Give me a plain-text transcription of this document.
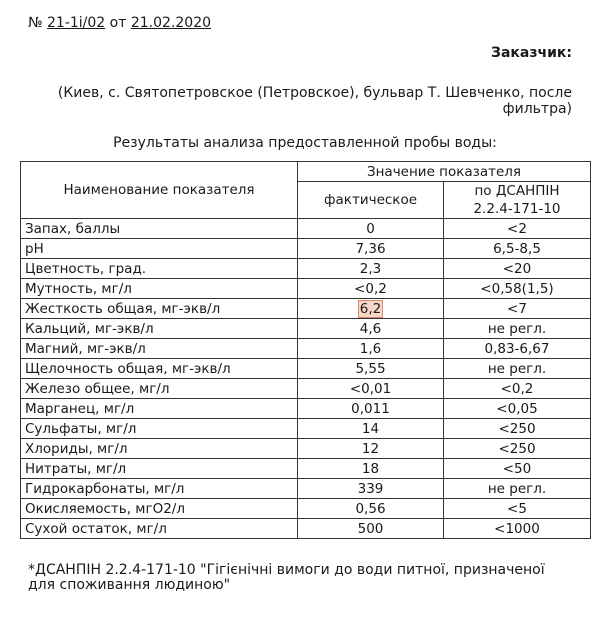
№ 21-1i/02 от 21.02.2020
Заказчик:
(Киев, с. Святопетровское (Петровское), бульвар Т. Шевченко, после
фильтра)
Результаты анализа предоставленной пробы воды:
Наименование показателя	Значение показателя	
	фактическое	по ДСАНПІН
2.2.4-171-10

Запах, баллы	0	<2
pH	7,36	6,5-8,5
Цветность, град.	2,3	<20
Мутность, мг/л	<0,2	<0,58(1,5)
Жесткость общая, мг-экв/л	6,2	<7
Кальций, мг-экв/л	4,6	не регл.
Магний, мг-экв/л	1,6	0,83-6,67
Щелочность общая, мг-экв/л	5,55	не регл.
Железо общее, мг/л	<0,01	<0,2
Марганец, мг/л	0,011	<0,05
Сульфаты, мг/л	14	<250
Хлориды, мг/л	12	<250
Нитраты, мг/л	18	<50
Гидрокарбонаты, мг/л	339	не регл.
Окисляемость, мгО2/л	0,56	<5
Сухой остаток, мг/л	500	<1000
*ДСАНПІН 2.2.4-171-10 "Гігієнічні вимоги до води питної, призначеної
для споживання людиною"
